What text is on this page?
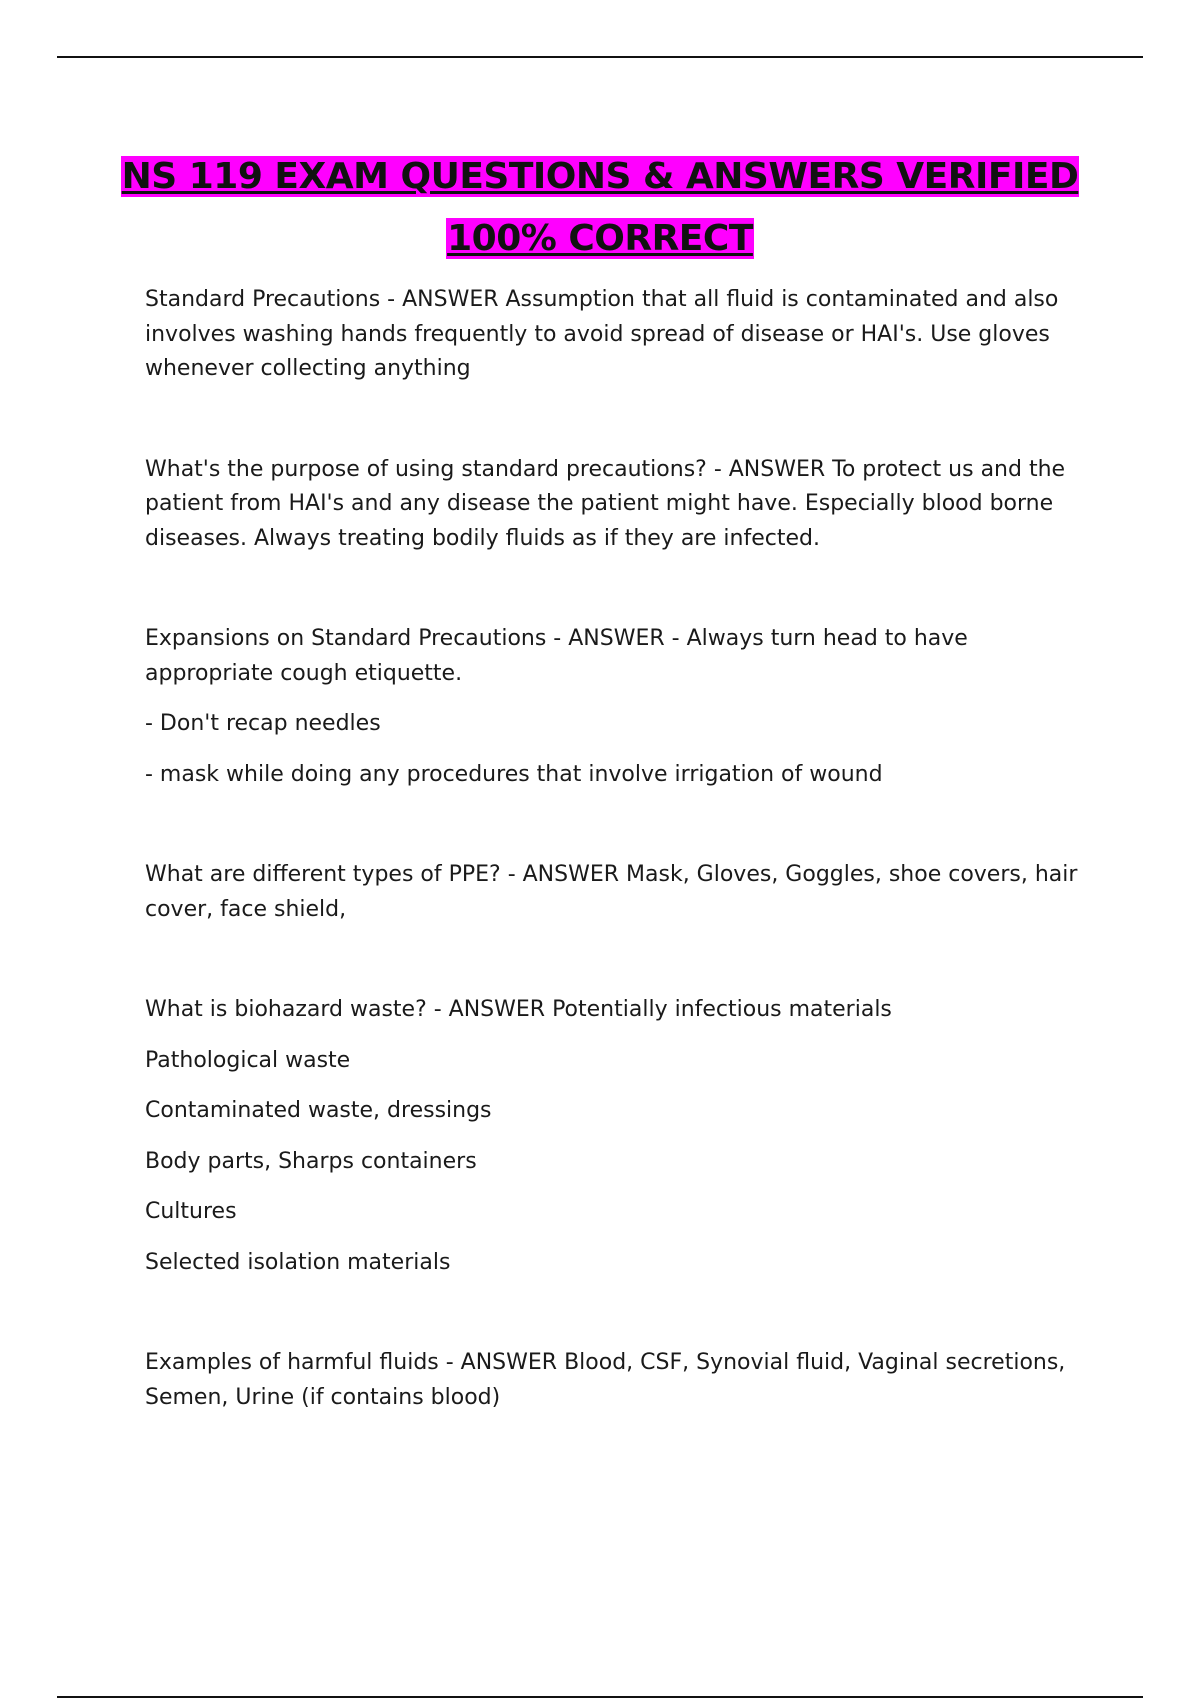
NS 119 EXAM QUESTIONS & ANSWERS VERIFIED
100% CORRECT

Standard Precautions - ANSWER Assumption that all fluid is contaminated and also involves washing hands frequently to avoid spread of disease or HAI's. Use gloves whenever collecting anything

What's the purpose of using standard precautions? - ANSWER To protect us and the patient from HAI's and any disease the patient might have. Especially blood borne diseases. Always treating bodily fluids as if they are infected.

Expansions on Standard Precautions - ANSWER - Always turn head to have appropriate cough etiquette.

- Don't recap needles

- mask while doing any procedures that involve irrigation of wound

What are different types of PPE? - ANSWER Mask, Gloves, Goggles, shoe covers, hair cover, face shield,

What is biohazard waste? - ANSWER Potentially infectious materials

Pathological waste

Contaminated waste, dressings

Body parts, Sharps containers

Cultures

Selected isolation materials

Examples of harmful fluids - ANSWER Blood, CSF, Synovial fluid, Vaginal secretions, Semen, Urine (if contains blood)
